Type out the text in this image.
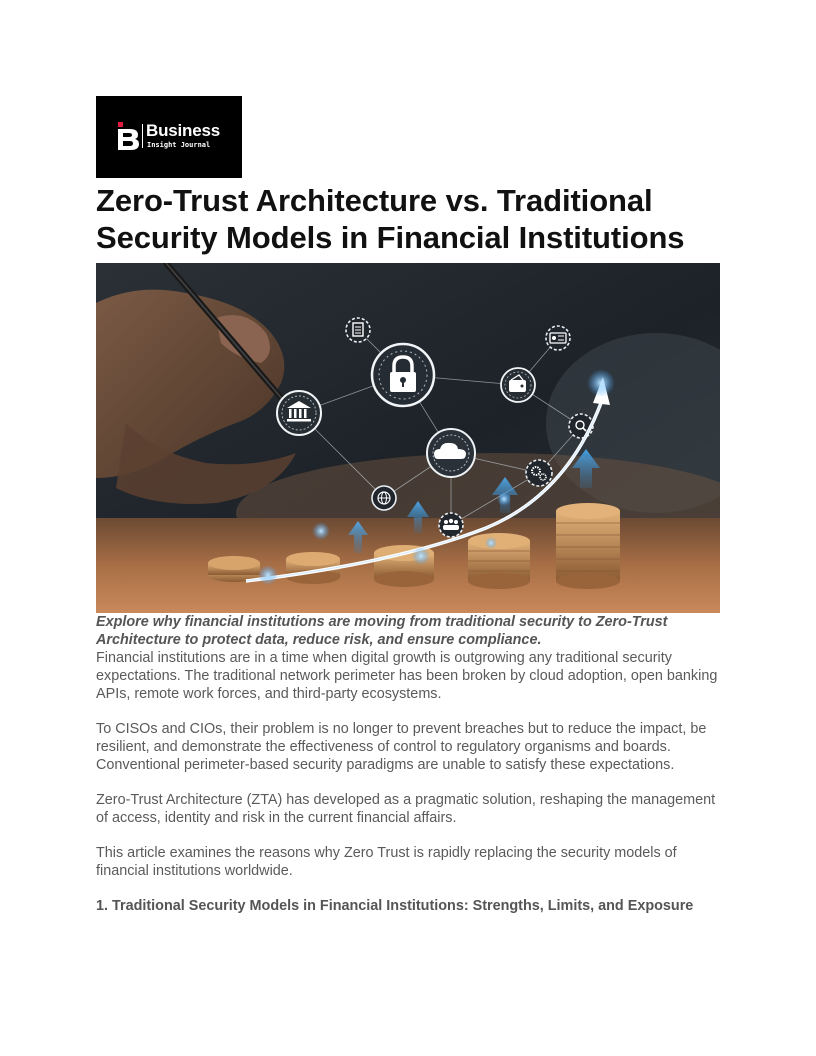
Business
Insight Journal
Zero-Trust Architecture vs. Traditional Security Models in Financial Institutions

Explore why financial institutions are moving from traditional security to Zero-Trust Architecture to protect data, reduce risk, and ensure compliance.

Financial institutions are in a time when digital growth is outgrowing any traditional security expectations. The traditional network perimeter has been broken by cloud adoption, open banking APIs, remote work forces, and third-party ecosystems.

To CISOs and CIOs, their problem is no longer to prevent breaches but to reduce the impact, be resilient, and demonstrate the effectiveness of control to regulatory organisms and boards. Conventional perimeter-based security paradigms are unable to satisfy these expectations.

Zero-Trust Architecture (ZTA) has developed as a pragmatic solution, reshaping the management of access, identity and risk in the current financial affairs.

This article examines the reasons why Zero Trust is rapidly replacing the security models of financial institutions worldwide.

1. Traditional Security Models in Financial Institutions: Strengths, Limits, and Exposure
